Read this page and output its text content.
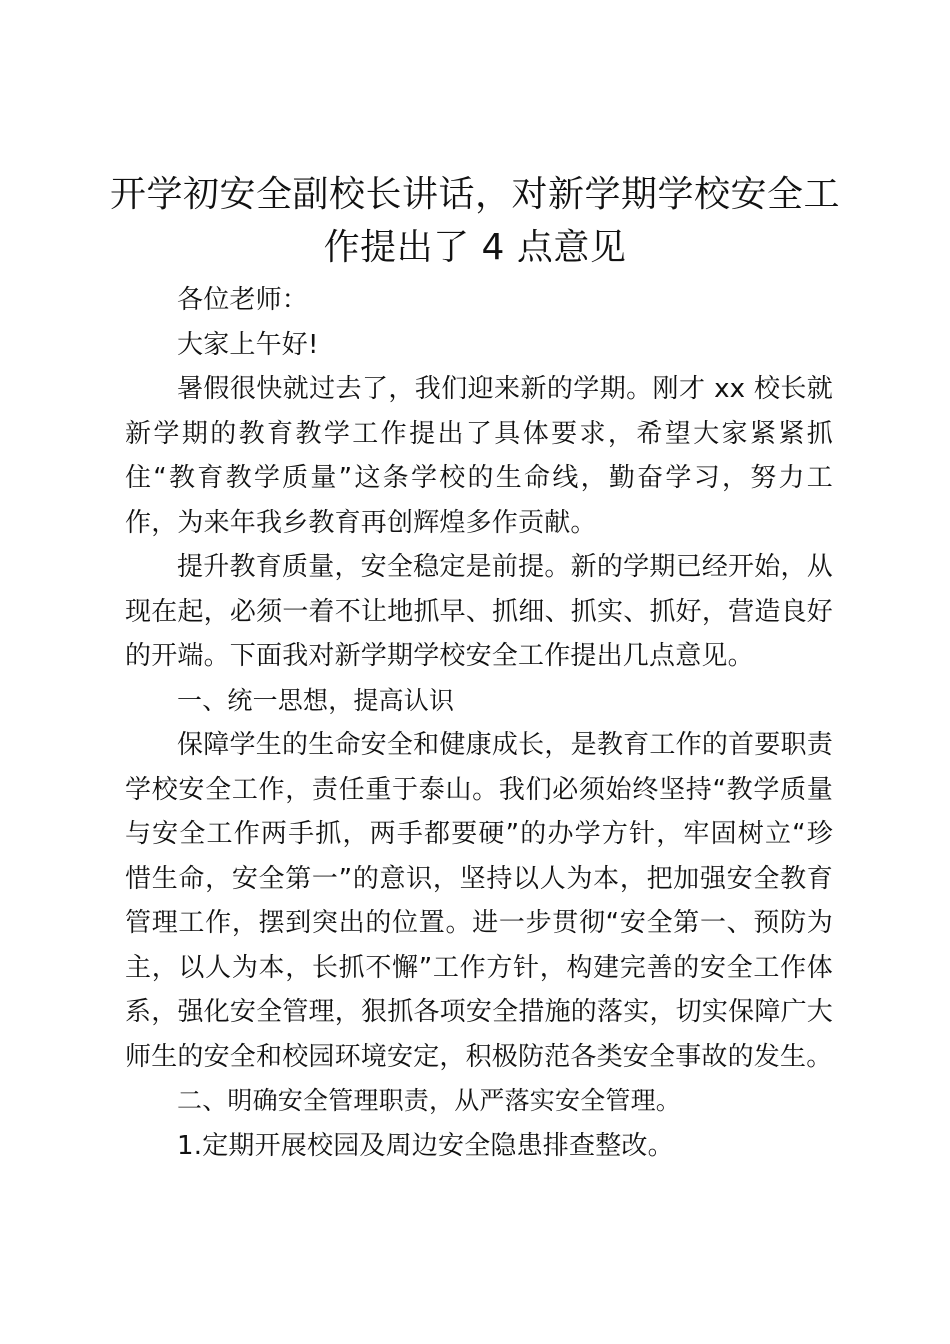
开学初安全副校长讲话，对新学期学校安全工作提出了 4 点意见

各位老师：

大家上午好!

暑假很快就过去了，我们迎来新的学期。刚才 xx 校长就新学期的教育教学工作提出了具体要求，希望大家紧紧抓住“教育教学质量”这条学校的生命线，勤奋学习，努力工作，为来年我乡教育再创辉煌多作贡献。

提升教育质量，安全稳定是前提。新的学期已经开始，从现在起，必须一着不让地抓早、抓细、抓实、抓好，营造良好的开端。下面我对新学期学校安全工作提出几点意见。

一、统一思想，提高认识

保障学生的生命安全和健康成长，是教育工作的首要职责学校安全工作，责任重于泰山。我们必须始终坚持“教学质量与安全工作两手抓，两手都要硬”的办学方针，牢固树立“珍惜生命，安全第一”的意识，坚持以人为本，把加强安全教育管理工作，摆到突出的位置。进一步贯彻“安全第一、预防为主，以人为本，长抓不懈”工作方针，构建完善的安全工作体系，强化安全管理，狠抓各项安全措施的落实，切实保障广大师生的安全和校园环境安定，积极防范各类安全事故的发生。

二、明确安全管理职责，从严落实安全管理。

1.定期开展校园及周边安全隐患排查整改。
